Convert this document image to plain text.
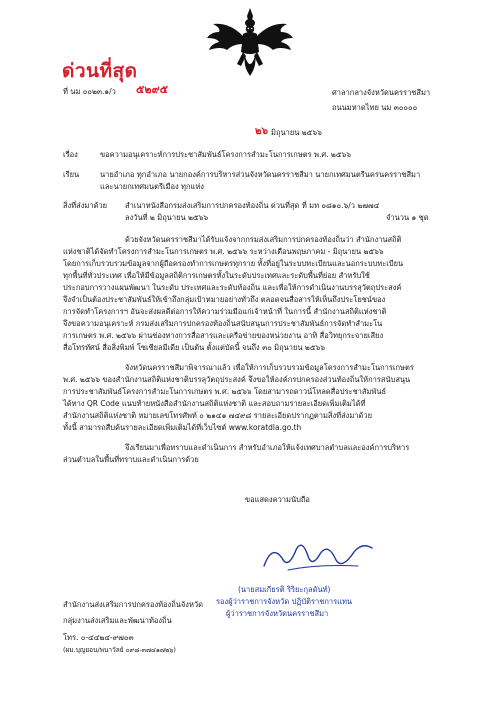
ด่วนที่สุด
ที่ นม ๐๐๒๓.๑/ว ๕๒๙๕	ศาลากลางจังหวัดนครราชสีมา
ถนนมหาดไทย นม ๓๐๐๐๐
๒๖ มิถุนายน ๒๕๖๖
เรื่อง	ขอความอนุเคราะห์การประชาสัมพันธ์โครงการสำมะโนการเกษตร พ.ศ. ๒๕๖๖
เรียน	นายอำเภอ ทุกอำเภอ นายกองค์การบริหารส่วนจังหวัดนครราชสีมา นายกเทศมนตรีนครนครราชสีมา
และนายกเทศมนตรีเมือง ทุกแห่ง
สิ่งที่ส่งมาด้วย สำเนาหนังสือกรมส่งเสริมการปกครองท้องถิ่น ด่วนที่สุด ที่ มท ๐๘๑๐.๖/ว ๒๗๗๔
ลงวันที่ ๒ มิถุนายน ๒๕๖๖	จำนวน ๑ ชุด
ด้วยจังหวัดนครราชสีมาได้รับแจ้งจากกรมส่งเสริมการปกครองท้องถิ่นว่า สำนักงานสถิติ
แห่งชาติได้จัดทำโครงการสำมะโนการเกษตร พ.ศ. ๒๕๖๖ ระหว่างเดือนพฤษภาคม - มิถุนายน ๒๕๖๖
โดยการเก็บรวบรวมข้อมูลจากผู้ถือครองทำการเกษตรทุกราย ทั้งที่อยู่ในระบบทะเบียนและนอกระบบทะเบียน
ทุกพื้นที่ทั่วประเทศ เพื่อให้มีข้อมูลสถิติการเกษตรทั้งในระดับประเทศและระดับพื้นที่ย่อย สำหรับใช้
ประกอบการวางแผนพัฒนา ในระดับ ประเทศและระดับท้องถิ่น และเพื่อให้การดำเนินงานบรรลุวัตถุประสงค์
จึงจำเป็นต้องประชาสัมพันธ์ให้เข้าถึงกลุ่มเป้าหมายอย่างทั่วถึง ตลอดจนสื่อสารให้เห็นถึงประโยชน์ของ
การจัดทำโครงการฯ อันจะส่งผลดีต่อการให้ความร่วมมือแก่เจ้าหน้าที่ ในการนี้ สำนักงานสถิติแห่งชาติ
จึงขอความอนุเคราะห์ กรมส่งเสริมการปกครองท้องถิ่นสนับสนุนการประชาสัมพันธ์การจัดทำสำมะโน
การเกษตร พ.ศ. ๒๕๖๖ ผ่านช่องทางการสื่อสารและเครือข่ายของหน่วยงาน อาทิ สื่อวิทยุกระจายเสียง
สื่อโทรทัศน์ สื่อสิ่งพิมพ์ โซเชียลมีเดีย เป็นต้น ตั้งแต่บัดนี้ จนถึง ๓๐ มิถุนายน ๒๕๖๖
จังหวัดนครราชสีมาพิจารณาแล้ว เพื่อให้การเก็บรวบรวมข้อมูลโครงการสำมะโนการเกษตร
พ.ศ. ๒๕๖๖ ของสำนักงานสถิติแห่งชาติบรรลุวัตถุประสงค์ จึงขอให้องค์กรปกครองส่วนท้องถิ่นให้การสนับสนุน
การประชาสัมพันธ์โครงการสำมะโนการเกษตร พ.ศ. ๒๕๖๖ โดยสามารถดาวน์โหลดสื่อประชาสัมพันธ์
ได้ทาง QR Code แนบท้ายหนังสือสำนักงานสถิติแห่งชาติ และสอบถามรายละเอียดเพิ่มเติมได้ที่
สำนักงานสถิติแห่งชาติ หมายเลขโทรศัพท์ ๐ ๒๑๔๑ ๗๔๙๘ รายละเอียดปรากฏตามสิ่งที่ส่งมาด้วย
ทั้งนี้ สามารถสืบค้นรายละเอียดเพิ่มเติมได้ที่เว็บไซต์ www.koratdla.go.th
จึงเรียนมาเพื่อทราบและดำเนินการ สำหรับอำเภอให้แจ้งเทศบาลตำบลและองค์การบริหาร
ส่วนตำบลในพื้นที่ทราบและดำเนินการด้วย
ขอแสดงความนับถือ
(นายสมเกียรติ ริริยะกุลดันท์)
รองผู้ว่าราชการจังหวัด ปฏิบัติราชการแทน
ผู้ว่าราชการจังหวัดนครราชสีมา
สำนักงานส่งเสริมการปกครองท้องถิ่นจังหวัด
กลุ่มงานส่งเสริมและพัฒนาท้องถิ่น
โทร. ๐-๔๔๒๔-๙๗๐๓
(ผม.บุญยอน/พนาวัลย์ ๐๙๘-๓๗๔๑๗๒๖)
